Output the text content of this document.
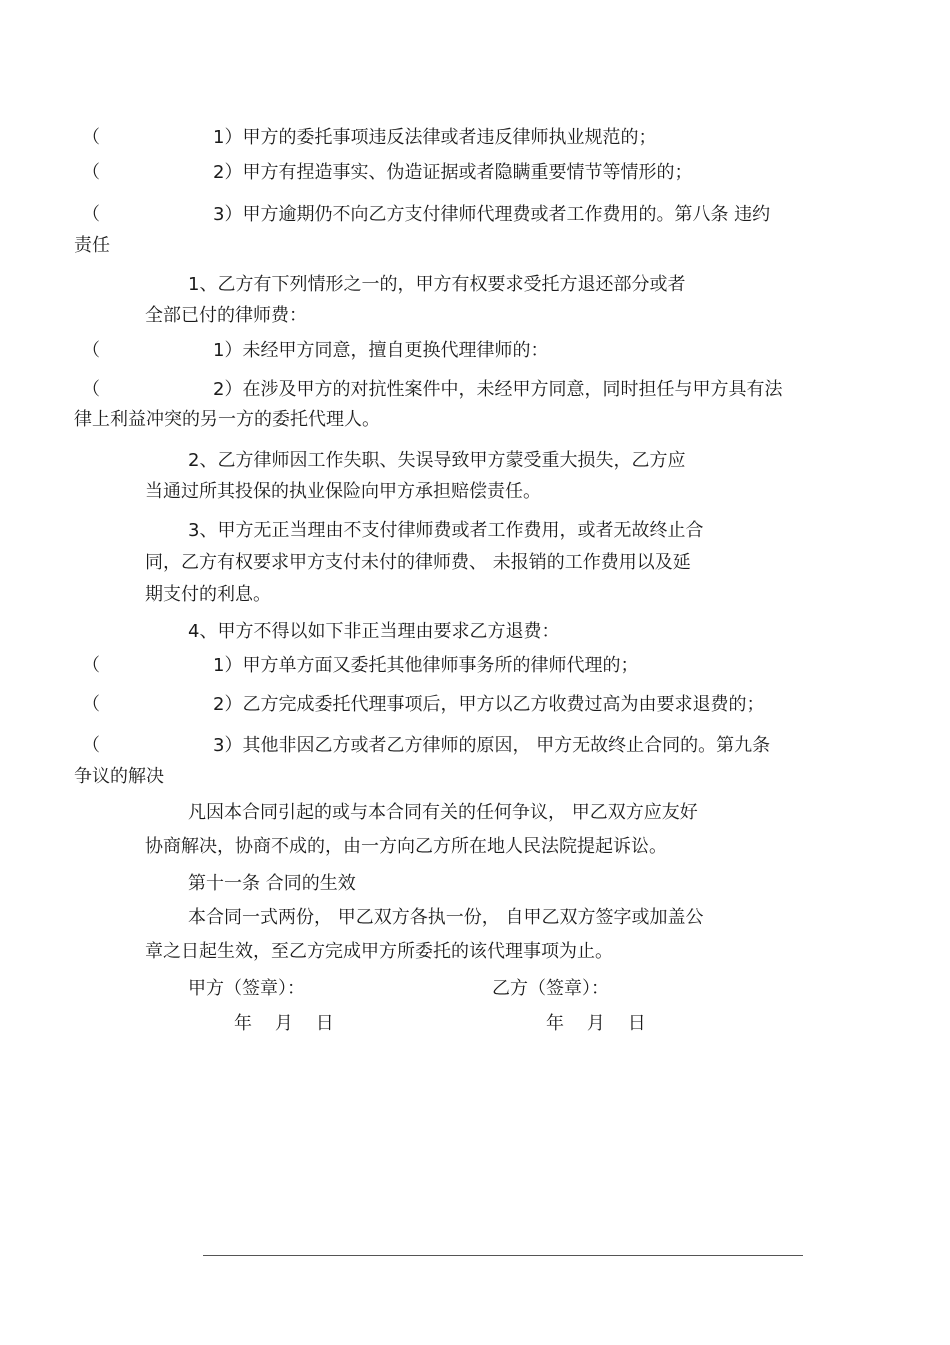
（	1）甲方的委托事项违反法律或者违反律师执业规范的；
（	2）甲方有捏造事实、伪造证据或者隐瞒重要情节等情形的；
（	3）甲方逾期仍不向乙方支付律师代理费或者工作费用的。第八条 违约
责任
1、乙方有下列情形之一的，甲方有权要求受托方退还部分或者
全部已付的律师费：
（	1）未经甲方同意，擅自更换代理律师的：
（	2）在涉及甲方的对抗性案件中，未经甲方同意，同时担任与甲方具有法
律上利益冲突的另一方的委托代理人。
2、乙方律师因工作失职、失误导致甲方蒙受重大损失，乙方应
当通过所其投保的执业保险向甲方承担赔偿责任。
3、甲方无正当理由不支付律师费或者工作费用，或者无故终止合
同，乙方有权要求甲方支付未付的律师费、 未报销的工作费用以及延
期支付的利息。
4、甲方不得以如下非正当理由要求乙方退费：
（	1）甲方单方面又委托其他律师事务所的律师代理的；
（	2）乙方完成委托代理事项后，甲方以乙方收费过高为由要求退费的；
（	3）其他非因乙方或者乙方律师的原因， 甲方无故终止合同的。第九条
争议的解决
凡因本合同引起的或与本合同有关的任何争议， 甲乙双方应友好
协商解决，协商不成的，由一方向乙方所在地人民法院提起诉讼。
第十一条 合同的生效
本合同一式两份， 甲乙双方各执一份， 自甲乙双方签字或加盖公
章之日起生效，至乙方完成甲方所委托的该代理事项为止。
甲方（签章）：	乙方（签章）：
年    月    日	年    月    日
